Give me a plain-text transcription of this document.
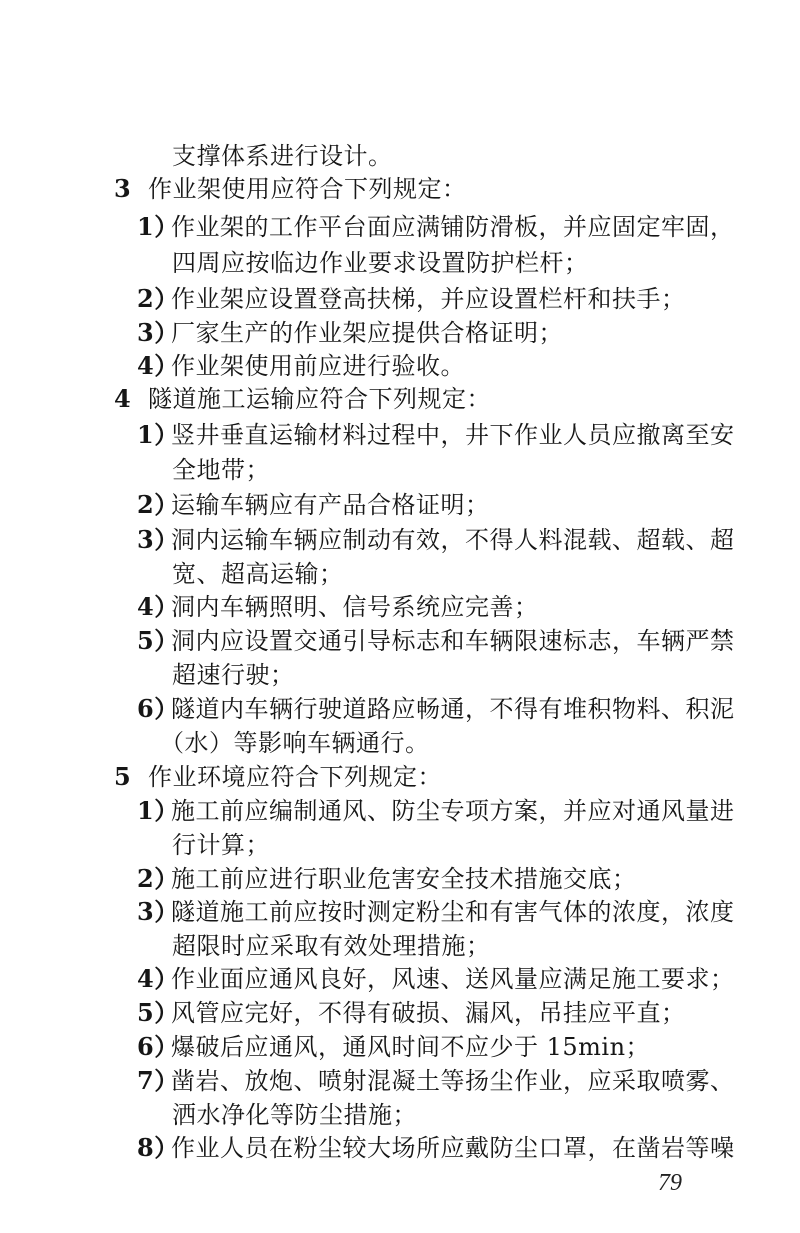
支撑体系进行设计。
3 作业架使用应符合下列规定：
1）作业架的工作平台面应满铺防滑板，并应固定牢固，
四周应按临边作业要求设置防护栏杆；
2）作业架应设置登高扶梯，并应设置栏杆和扶手；
3）厂家生产的作业架应提供合格证明；
4）作业架使用前应进行验收。
4 隧道施工运输应符合下列规定：
1）竖井垂直运输材料过程中，井下作业人员应撤离至安
全地带；
2）运输车辆应有产品合格证明；
3）洞内运输车辆应制动有效，不得人料混载、超载、超
宽、超高运输；
4）洞内车辆照明、信号系统应完善；
5）洞内应设置交通引导标志和车辆限速标志，车辆严禁
超速行驶；
6）隧道内车辆行驶道路应畅通，不得有堆积物料、积泥
（水）等影响车辆通行。
5 作业环境应符合下列规定：
1）施工前应编制通风、防尘专项方案，并应对通风量进
行计算；
2）施工前应进行职业危害安全技术措施交底；
3）隧道施工前应按时测定粉尘和有害气体的浓度，浓度
超限时应采取有效处理措施；
4）作业面应通风良好，风速、送风量应满足施工要求；
5）风管应完好，不得有破损、漏风，吊挂应平直；
6）爆破后应通风，通风时间不应少于 15min；
7）凿岩、放炮、喷射混凝土等扬尘作业，应采取喷雾、
洒水净化等防尘措施；
8）作业人员在粉尘较大场所应戴防尘口罩，在凿岩等噪
79
